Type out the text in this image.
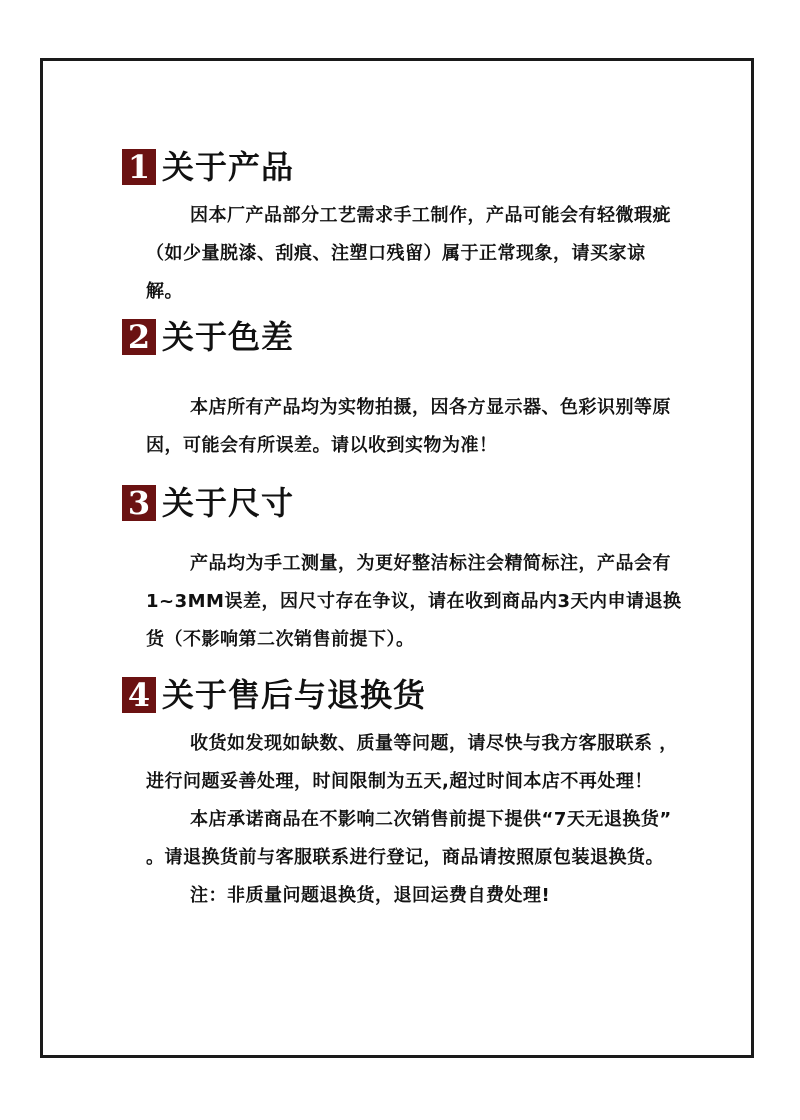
1 关于产品

因本厂产品部分工艺需求手工制作，产品可能会有轻微瑕疵（如少量脱漆、刮痕、注塑口残留）属于正常现象，请买家谅解。

2 关于色差

本店所有产品均为实物拍摄，因各方显示器、色彩识别等原因，可能会有所误差。请以收到实物为准！

3 关于尺寸

产品均为手工测量，为更好整洁标注会精简标注，产品会有1~3MM误差，因尺寸存在争议，请在收到商品内3天内申请退换货（不影响第二次销售前提下）。

4 关于售后与退换货

收货如发现如缺数、质量等问题，请尽快与我方客服联系 ，进行问题妥善处理，时间限制为五天,超过时间本店不再处理！

本店承诺商品在不影响二次销售前提下提供“7天无退换货” 。请退换货前与客服联系进行登记，商品请按照原包装退换货。

注：非质量问题退换货，退回运费自费处理!
